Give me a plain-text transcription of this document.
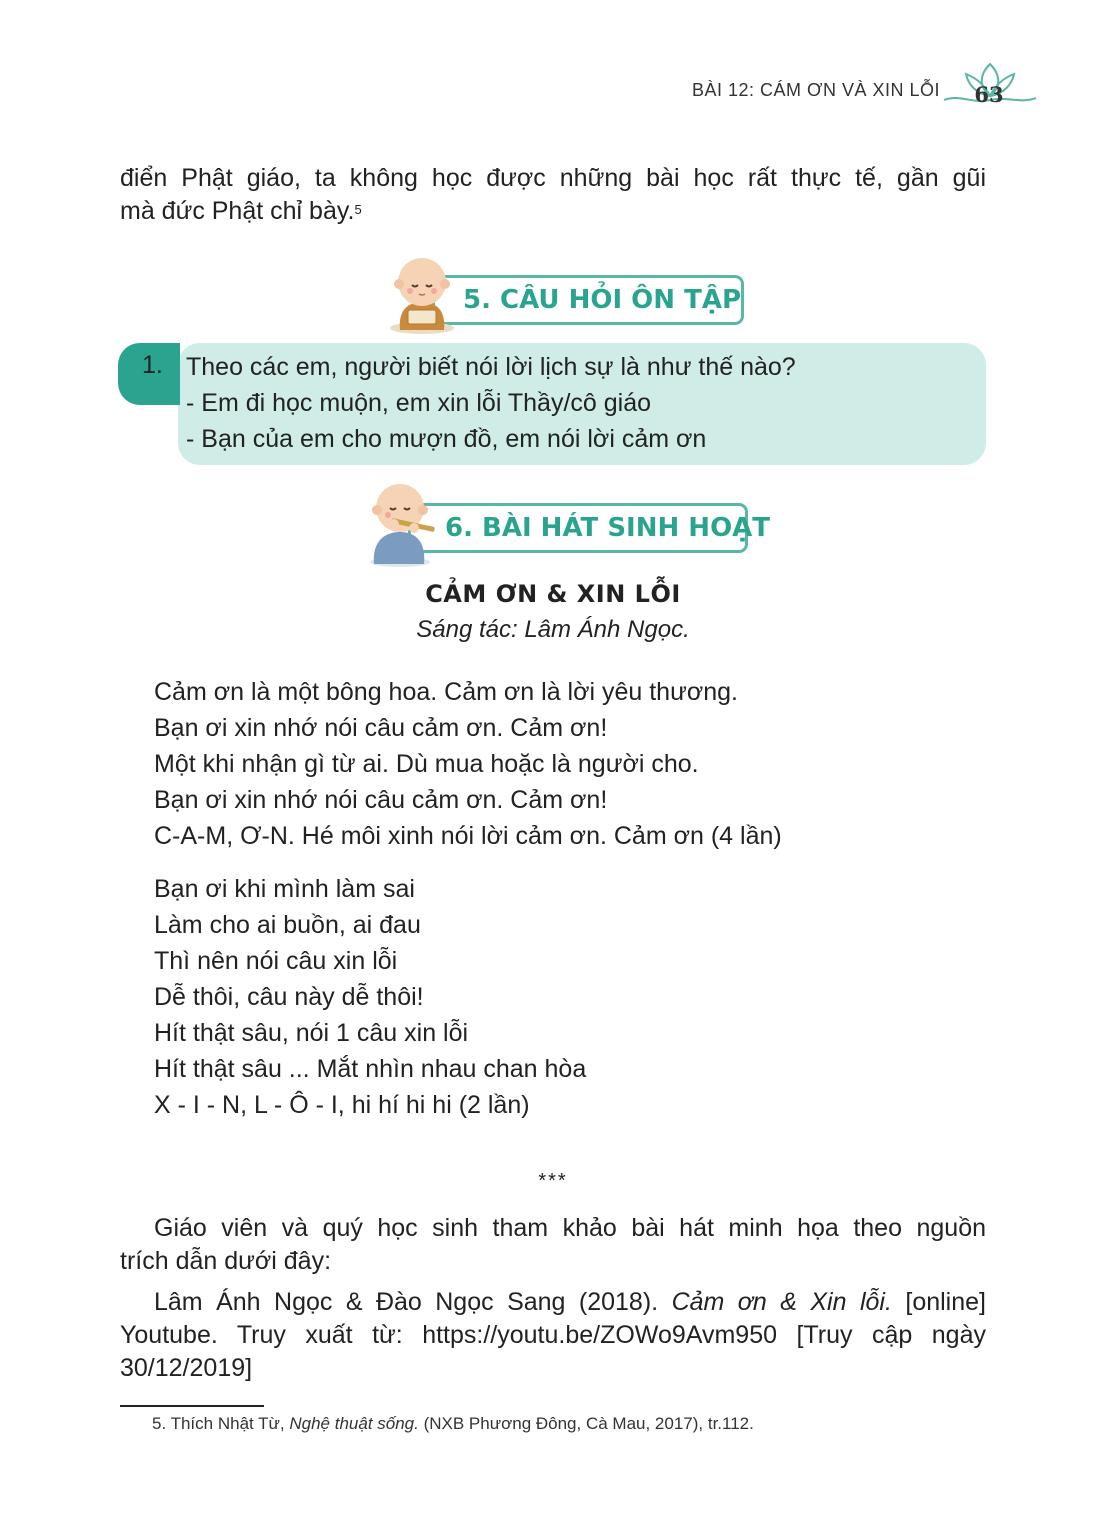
BÀI 12: CÁM ƠN VÀ XIN LỖI 63
điển Phật giáo, ta không học được những bài học rất thực tế, gần gũi
mà đức Phật chỉ bày.$^5$
5. CÂU HỎI ÔN TẬP
1. Theo các em, người biết nói lời lịch sự là như thế nào?
- Em đi học muộn, em xin lỗi Thầy/cô giáo
- Bạn của em cho mượn đồ, em nói lời cảm ơn
6. BÀI HÁT SINH HOẠT
CẢM ƠN & XIN LỖI
Sáng tác: Lâm Ánh Ngọc.
Cảm ơn là một bông hoa. Cảm ơn là lời yêu thương.
Bạn ơi xin nhớ nói câu cảm ơn. Cảm ơn!
Một khi nhận gì từ ai. Dù mua hoặc là người cho.
Bạn ơi xin nhớ nói câu cảm ơn. Cảm ơn!
C-A-M, Ơ-N. Hé môi xinh nói lời cảm ơn. Cảm ơn (4 lần)
Bạn ơi khi mình làm sai
Làm cho ai buồn, ai đau
Thì nên nói câu xin lỗi
Dễ thôi, câu này dễ thôi!
Hít thật sâu, nói 1 câu xin lỗi
Hít thật sâu ... Mắt nhìn nhau chan hòa
X - I - N, L - Ô - I, hi hí hi hi (2 lần)
***
Giáo viên và quý học sinh tham khảo bài hát minh họa theo nguồn
trích dẫn dưới đây:
Lâm Ánh Ngọc & Đào Ngọc Sang (2018). Cảm ơn & Xin lỗi. [online]
Youtube. Truy xuất từ: https://youtu.be/ZOWo9Avm950 [Truy cập ngày
30/12/2019]
5. Thích Nhật Từ, Nghệ thuật sống. (NXB Phương Đông, Cà Mau, 2017), tr.112.
